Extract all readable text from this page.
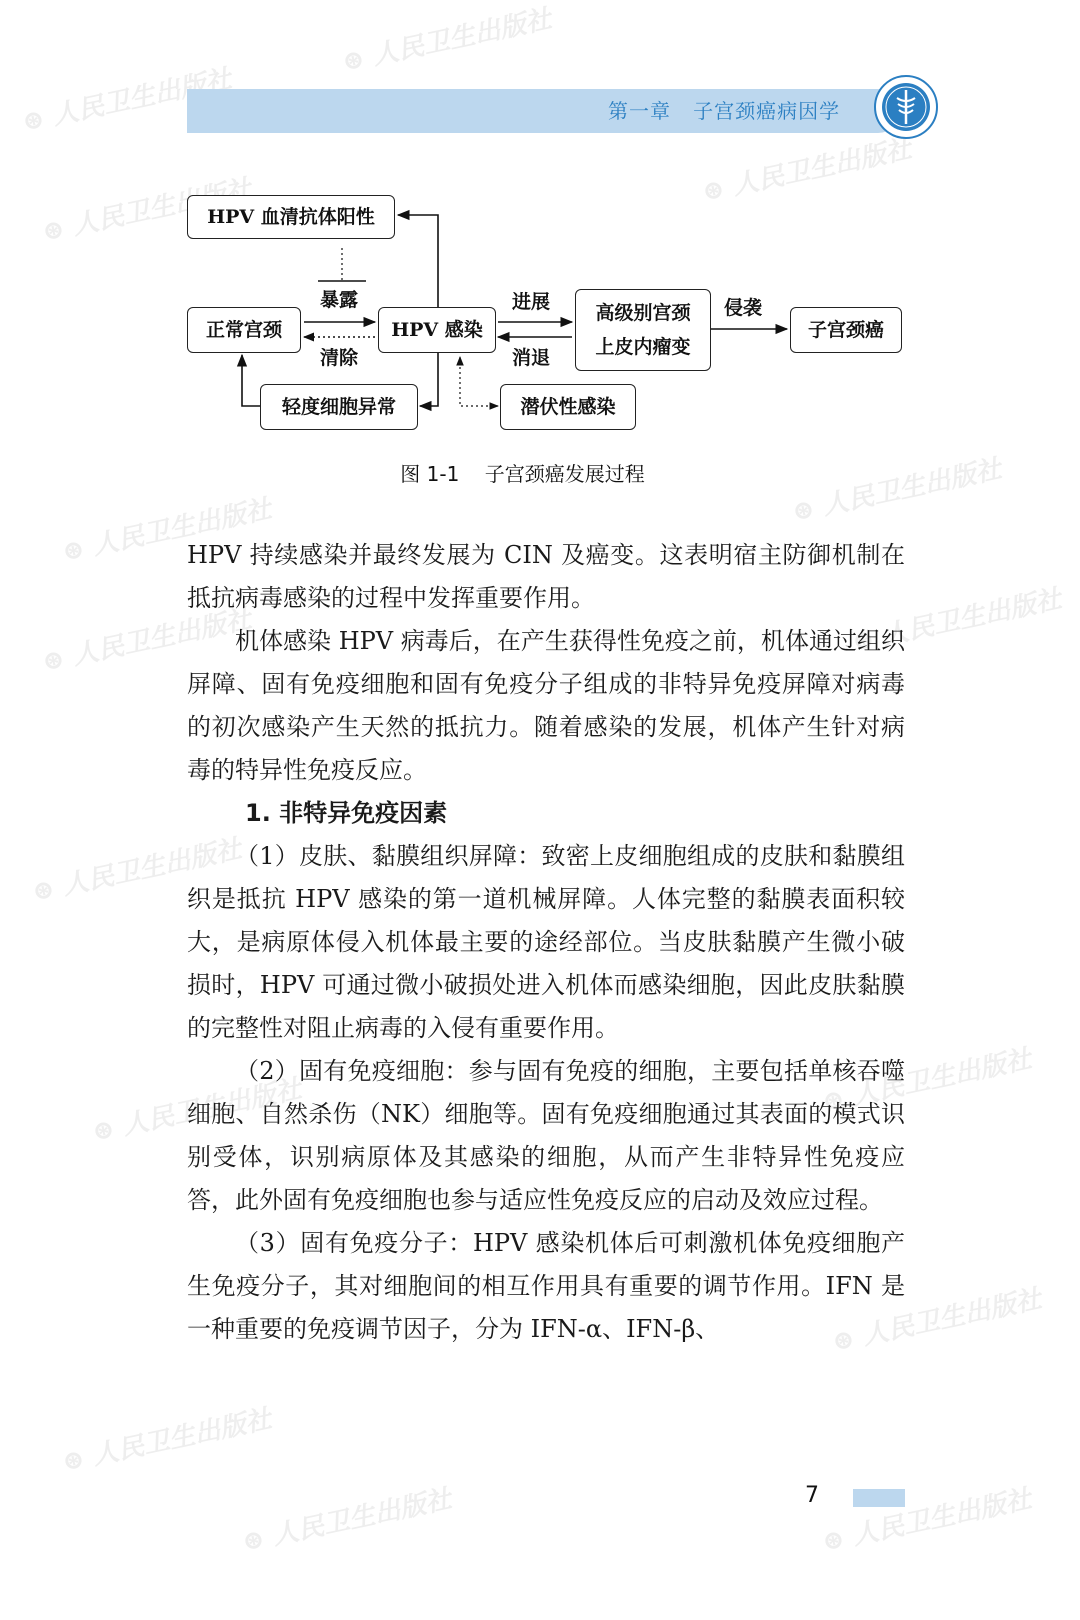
⊛ 人民卫生出版社
⊛ 人民卫生出版社
⊛ 人民卫生出版社
⊛ 人民卫生出版社
⊛ 人民卫生出版社
⊛ 人民卫生出版社
⊛ 人民卫生出版社	⊛ 人民卫生出版社
⊛ 人民卫生出版社
⊛ 人民卫生出版社
⊛ 人民卫生出版社
⊛ 人民卫生出版社
⊛ 人民卫生出版社
⊛ 人民卫生出版社	⊛ 人民卫生出版社
第一章   子宫颈癌病因学
HPV 血清抗体阳性
正常宫颈	HPV 感染
高级别宫颈
上皮内瘤变
子宫颈癌
轻度细胞异常	潜伏性感染
暴露
清除
进展
消退
侵袭
图 1-1    子宫颈癌发展过程

HPV 持续感染并最终发展为 CIN 及癌变。这表明宿主防御机制在抵抗病毒感染的过程中发挥重要作用。

机体感染 HPV 病毒后，在产生获得性免疫之前，机体通过组织屏障、固有免疫细胞和固有免疫分子组成的非特异免疫屏障对病毒的初次感染产生天然的抵抗力。随着感染的发展，机体产生针对病毒的特异性免疫反应。

1. 非特异免疫因素

（1）皮肤、黏膜组织屏障：致密上皮细胞组成的皮肤和黏膜组织是抵抗 HPV 感染的第一道机械屏障。人体完整的黏膜表面积较大，是病原体侵入机体最主要的途经部位。当皮肤黏膜产生微小破损时，HPV 可通过微小破损处进入机体而感染细胞，因此皮肤黏膜的完整性对阻止病毒的入侵有重要作用。

（2）固有免疫细胞：参与固有免疫的细胞，主要包括单核吞噬细胞、自然杀伤（NK）细胞等。固有免疫细胞通过其表面的模式识别受体，识别病原体及其感染的细胞，从而产生非特异性免疫应答，此外固有免疫细胞也参与适应性免疫反应的启动及效应过程。

（3）固有免疫分子：HPV 感染机体后可刺激机体免疫细胞产生免疫分子，其对细胞间的相互作用具有重要的调节作用。IFN 是一种重要的免疫调节因子，分为 IFN-α、IFN-β、

7
